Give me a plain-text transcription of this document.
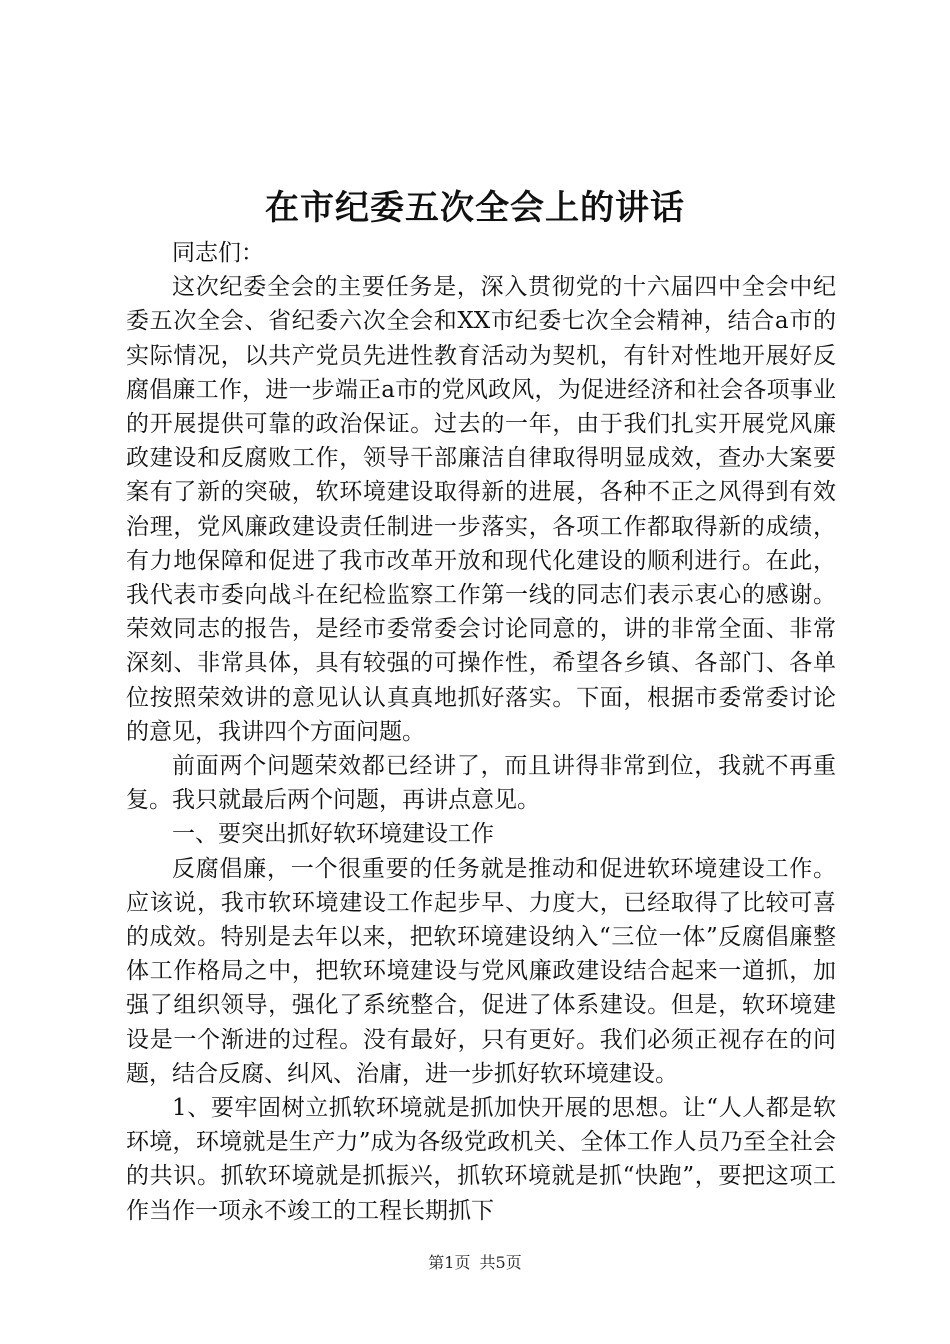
在市纪委五次全会上的讲话

同志们：

这次纪委全会的主要任务是，深入贯彻党的十六届四中全会中纪委五次全会、省纪委六次全会和XX市纪委七次全会精神，结合a市的实际情况，以共产党员先进性教育活动为契机，有针对性地开展好反腐倡廉工作，进一步端正a市的党风政风，为促进经济和社会各项事业的开展提供可靠的政治保证。过去的一年，由于我们扎实开展党风廉政建设和反腐败工作，领导干部廉洁自律取得明显成效，查办大案要案有了新的突破，软环境建设取得新的进展，各种不正之风得到有效治理，党风廉政建设责任制进一步落实，各项工作都取得新的成绩，有力地保障和促进了我市改革开放和现代化建设的顺利进行。在此，我代表市委向战斗在纪检监察工作第一线的同志们表示衷心的感谢。荣效同志的报告，是经市委常委会讨论同意的，讲的非常全面、非常深刻、非常具体，具有较强的可操作性，希望各乡镇、各部门、各单位按照荣效讲的意见认认真真地抓好落实。下面，根据市委常委讨论的意见，我讲四个方面问题。

前面两个问题荣效都已经讲了，而且讲得非常到位，我就不再重复。我只就最后两个问题，再讲点意见。

一、要突出抓好软环境建设工作

反腐倡廉，一个很重要的任务就是推动和促进软环境建设工作。应该说，我市软环境建设工作起步早、力度大，已经取得了比较可喜的成效。特别是去年以来，把软环境建设纳入“三位一体”反腐倡廉整体工作格局之中，把软环境建设与党风廉政建设结合起来一道抓，加强了组织领导，强化了系统整合，促进了体系建设。但是，软环境建设是一个渐进的过程。没有最好，只有更好。我们必须正视存在的问题，结合反腐、纠风、治庸，进一步抓好软环境建设。

1、要牢固树立抓软环境就是抓加快开展的思想。让“人人都是软环境，环境就是生产力”成为各级党政机关、全体工作人员乃至全社会的共识。抓软环境就是抓振兴，抓软环境就是抓“快跑”，要把这项工作当作一项永不竣工的工程长期抓下

第1页 共5页
